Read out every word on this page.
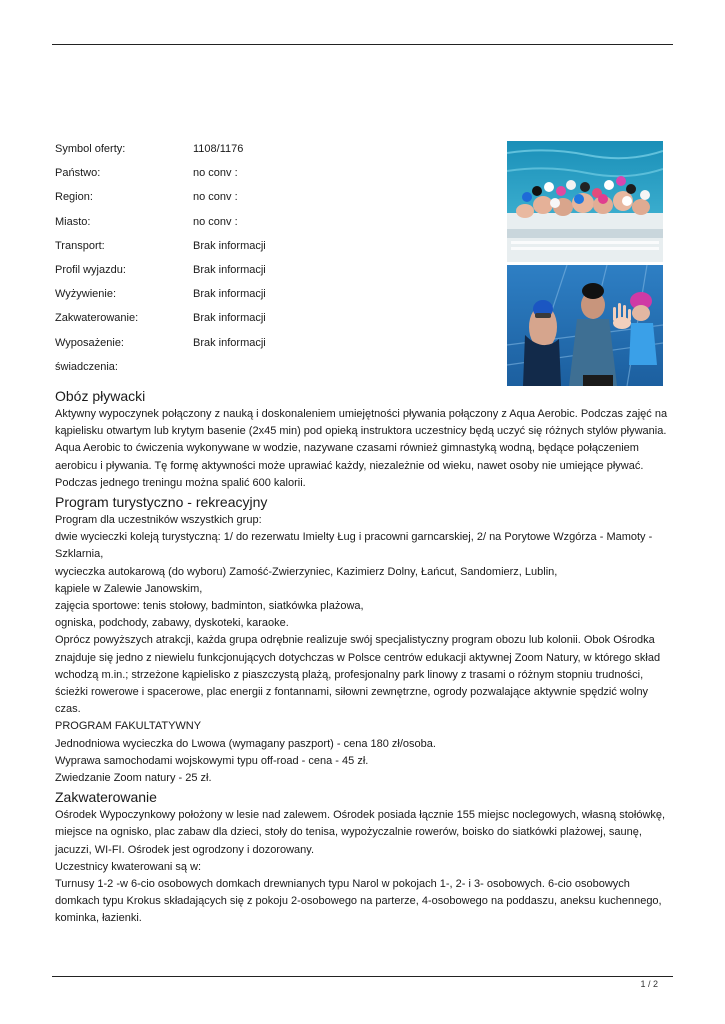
Symbol oferty:	1108/1176
Państwo:	no conv :
Region:	no conv :
Miasto:	no conv :
Transport:	Brak informacji
Profil wyjazdu:	Brak informacji
Wyżywienie:	Brak informacji
Zakwaterowanie:	Brak informacji
Wyposażenie:	Brak informacji
świadczenia:
Obóz pływacki

Aktywny wypoczynek połączony z nauką i doskonaleniem umiejętności pływania połączony z Aqua Aerobic. Podczas zajęć na

kąpielisku otwartym lub krytym basenie (2x45 min) pod opieką instruktora uczestnicy będą uczyć się różnych stylów pływania.

Aqua Aerobic to ćwiczenia wykonywane w wodzie, nazywane czasami również gimnastyką wodną, będące połączeniem

aerobicu i pływania. Tę formę aktywności może uprawiać każdy, niezależnie od wieku, nawet osoby nie umiejące pływać.

Podczas jednego treningu można spalić 600 kalorii.

Program turystyczno - rekreacyjny

Program dla uczestników wszystkich grup:

dwie wycieczki koleją turystyczną: 1/ do rezerwatu Imielty Ług i pracowni garncarskiej, 2/ na Porytowe Wzgórza - Mamoty -

Szklarnia,

wycieczka autokarową (do wyboru) Zamość-Zwierzyniec, Kazimierz Dolny, Łańcut, Sandomierz, Lublin,

kąpiele w Zalewie Janowskim,

zajęcia sportowe: tenis stołowy, badminton, siatkówka plażowa,

ogniska, podchody, zabawy, dyskoteki, karaoke.

Oprócz powyższych atrakcji, każda grupa odrębnie realizuje swój specjalistyczny program obozu lub kolonii. Obok Ośrodka

znajduje się jedno z niewielu funkcjonujących dotychczas w Polsce centrów edukacji aktywnej Zoom Natury, w którego skład

wchodzą m.in.; strzeżone kąpielisko z piaszczystą plażą, profesjonalny park linowy z trasami o różnym stopniu trudności,

ścieżki rowerowe i spacerowe, plac energii z fontannami, siłowni zewnętrzne, ogrody pozwalające aktywnie spędzić wolny

czas.

PROGRAM FAKULTATYWNY

Jednodniowa wycieczka do Lwowa (wymagany paszport) - cena 180 zł/osoba.

Wyprawa samochodami wojskowymi typu off-road - cena - 45 zł.

Zwiedzanie Zoom natury - 25 zł.

Zakwaterowanie

Ośrodek Wypoczynkowy położony w lesie nad zalewem. Ośrodek posiada łącznie 155 miejsc noclegowych, własną stołówkę,

miejsce na ognisko, plac zabaw dla dzieci, stoły do tenisa, wypożyczalnie rowerów, boisko do siatkówki plażowej, saunę,

jacuzzi, WI-FI. Ośrodek jest ogrodzony i dozorowany.

Uczestnicy kwaterowani są w:

Turnusy 1-2 -w 6-cio osobowych domkach drewnianych typu Narol w pokojach 1-, 2- i 3- osobowych. 6-cio osobowych

domkach typu Krokus składających się z pokoju 2-osobowego na parterze, 4-osobowego na poddaszu, aneksu kuchennego,

kominka, łazienki.

1 / 2
